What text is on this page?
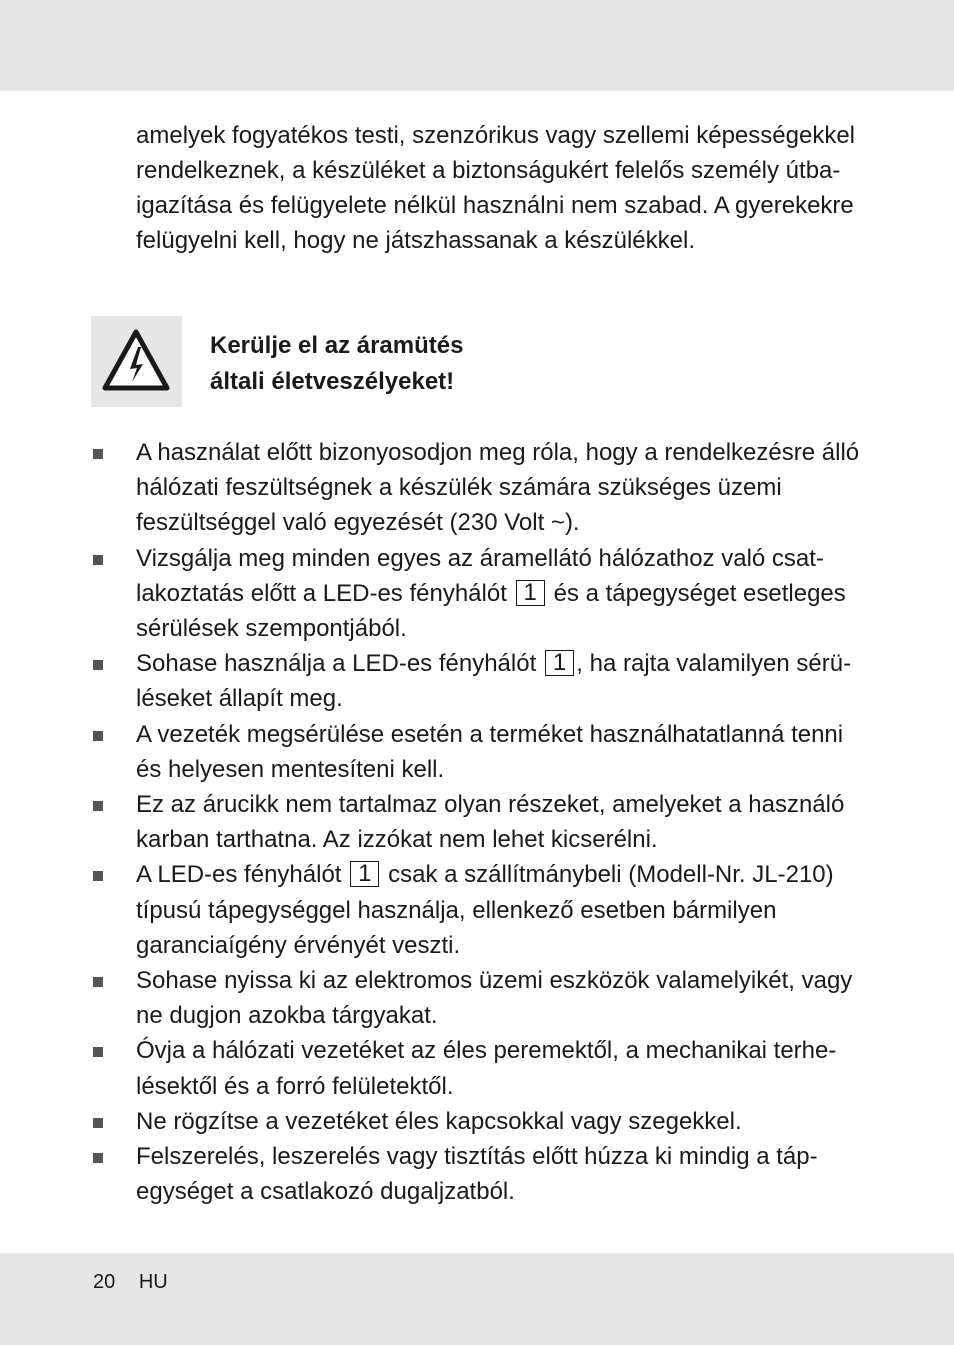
amelyek fogyatékos testi, szenzórikus vagy szellemi képességekkel rendelkeznek, a készüléket a biztonságukért felelős személy útba-igazítása és felügyelete nélkül használni nem szabad. A gyerekekre felügyelni kell, hogy ne játszhassanak a készülékkel.

Kerülje el az áramütés
általi életveszélyeket!
A használat előtt bizonyosodjon meg róla, hogy a rendelkezésre álló hálózati feszültségnek a készülék számára szükséges üzemi feszültséggel való egyezését (230 Volt ~).
Vizsgálja meg minden egyes az áramellátó hálózathoz való csat-lakoztatás előtt a LED-es fényhálót 1 és a tápegységet esetleges sérülések szempontjából.
Sohase használja a LED-es fényhálót 1 , ha rajta valamilyen sérü-léseket állapít meg.
A vezeték megsérülése esetén a terméket használhatatlanná tenni és helyesen mentesíteni kell.
Ez az árucikk nem tartalmaz olyan részeket, amelyeket a használó karban tarthatna. Az izzókat nem lehet kicserélni.
A LED-es fényhálót 1 csak a szállítmánybeli (Modell-Nr. JL-210) típusú tápegységgel használja, ellenkező esetben bármilyen garanciaígény érvényét veszti.
Sohase nyissa ki az elektromos üzemi eszközök valamelyikét, vagy ne dugjon azokba tárgyakat.
Óvja a hálózati vezetéket az éles peremektől, a mechanikai terhe-lésektől és a forró felületektől.
Ne rögzítse a vezetéket éles kapcsokkal vagy szegekkel.
Felszerelés, leszerelés vagy tisztítás előtt húzza ki mindig a táp-egységet a csatlakozó dugaljzatból.
20 HU
